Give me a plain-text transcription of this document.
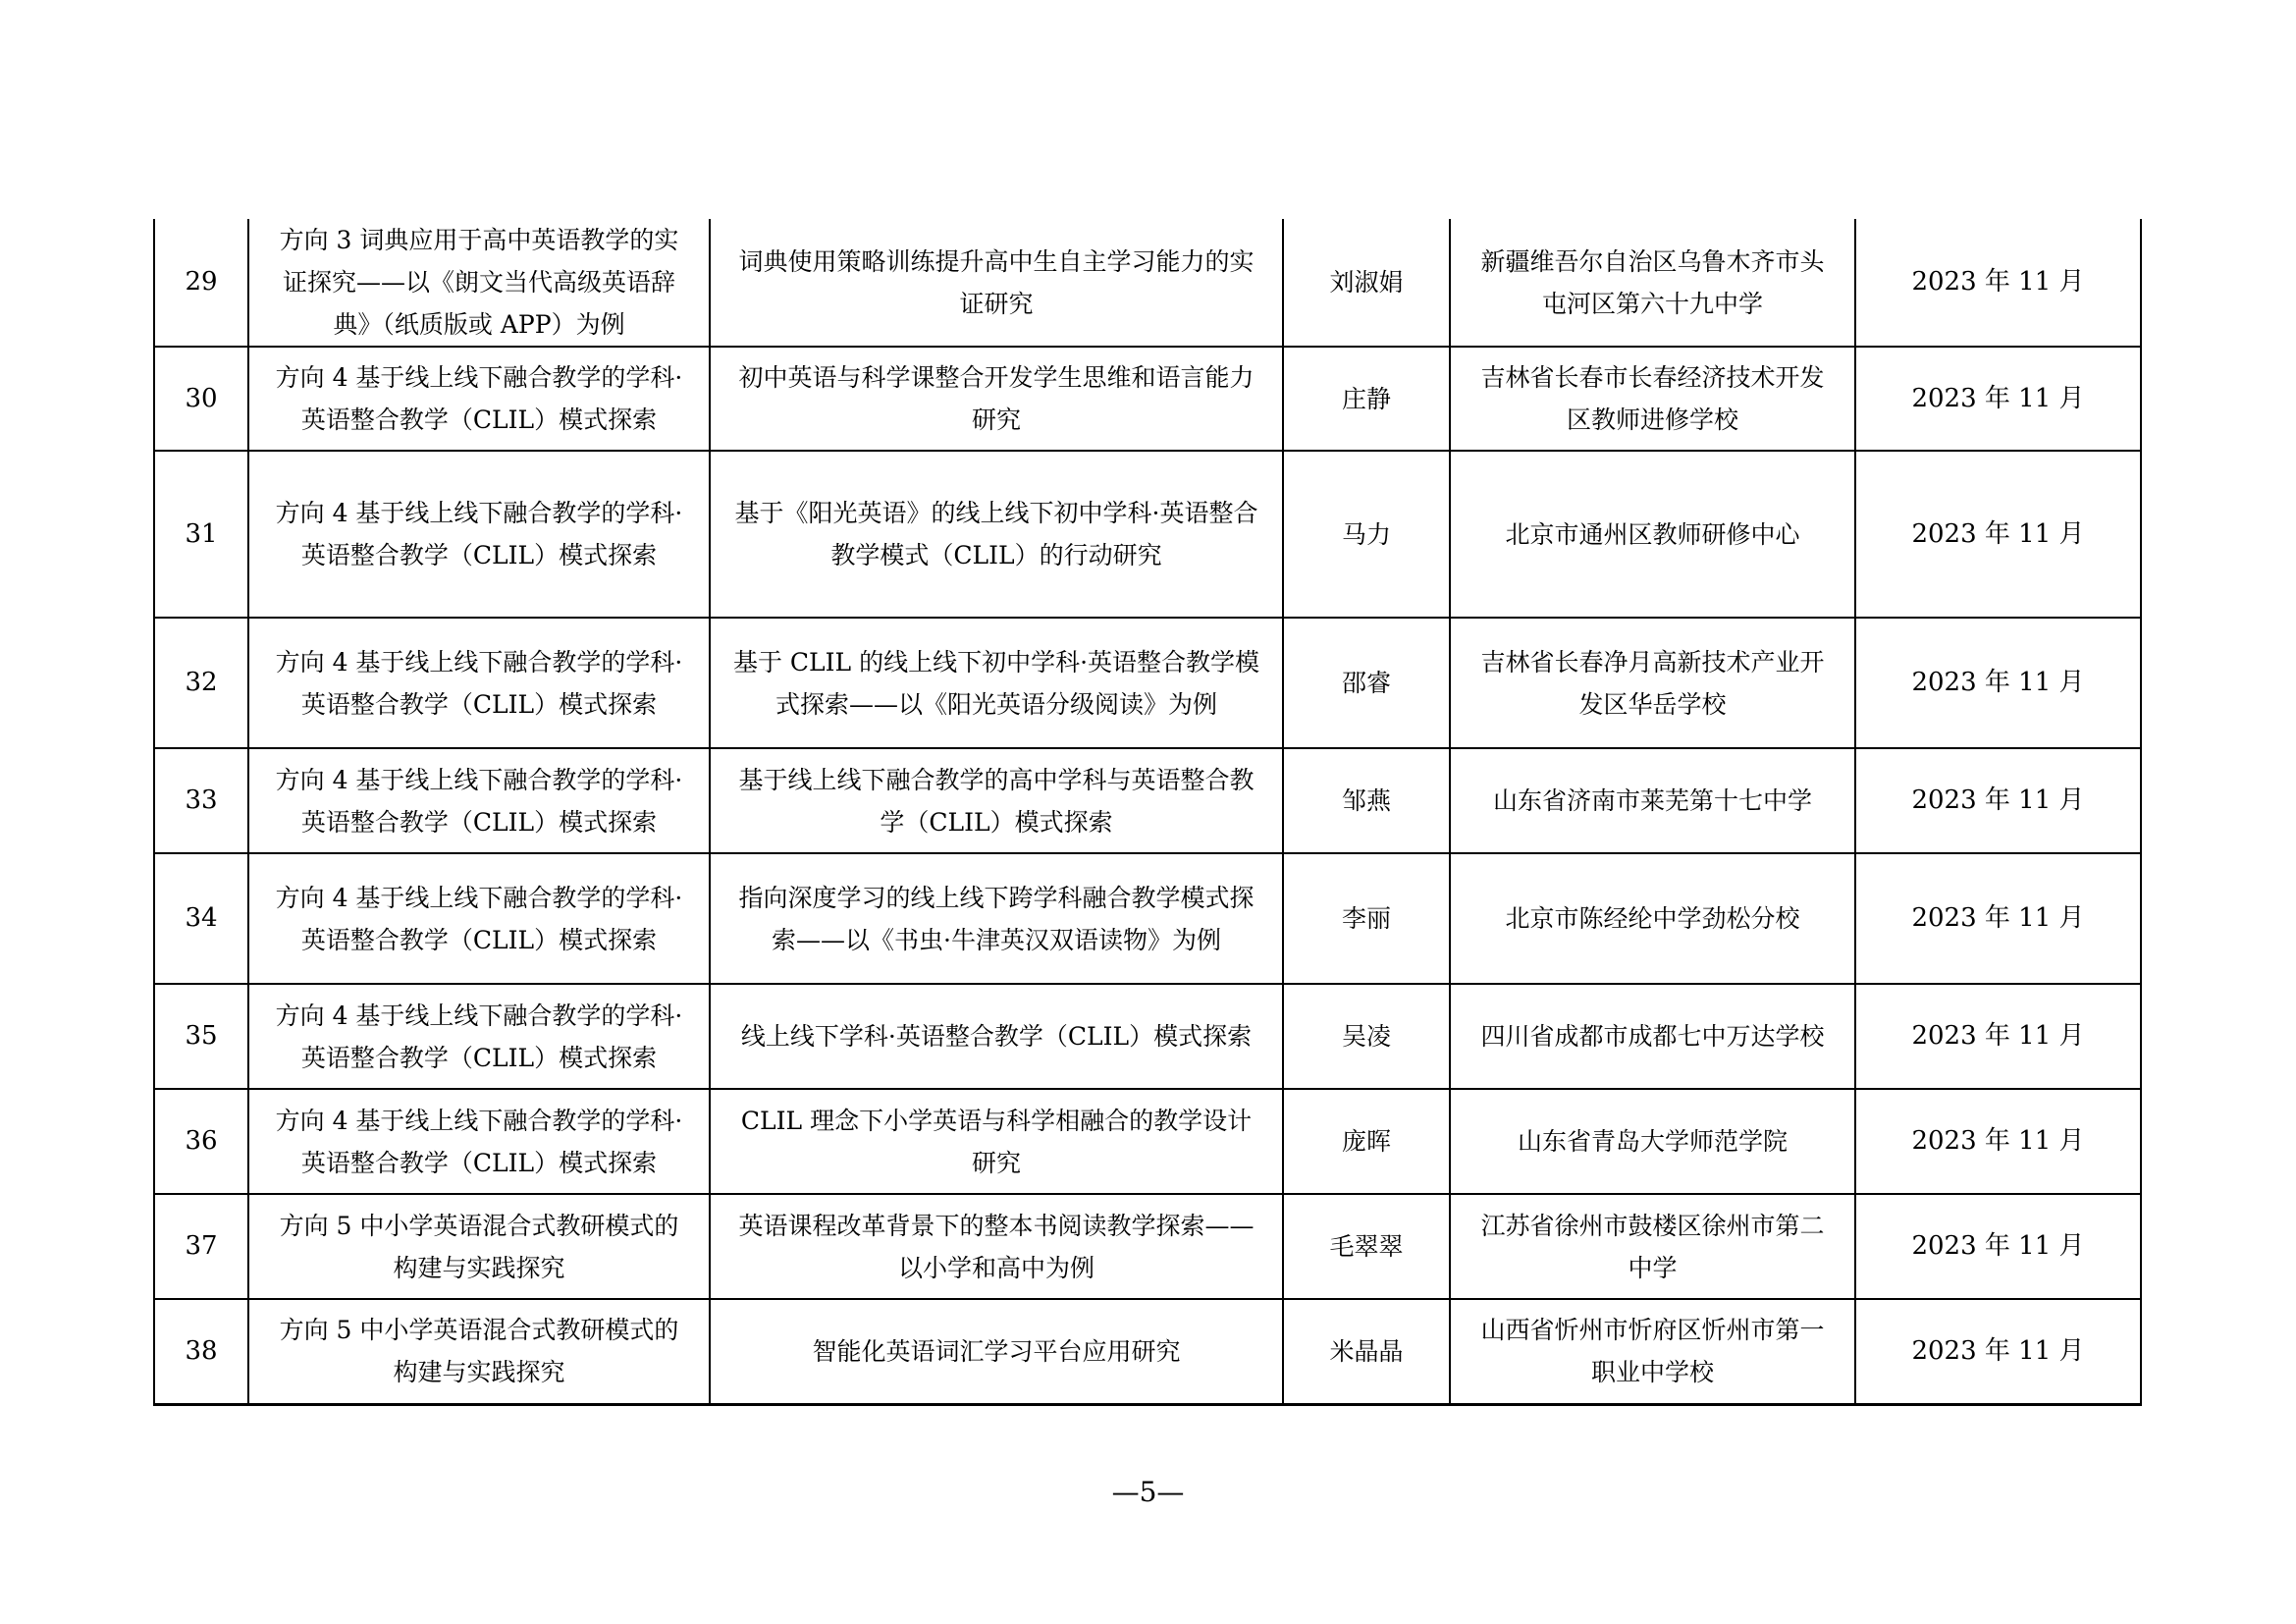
29	方向 3 词典应用于高中英语教学的实证探究——以《朗文当代高级英语辞典》（纸质版或 APP）为例	词典使用策略训练提升高中生自主学习能力的实证研究	刘淑娟	新疆维吾尔自治区乌鲁木齐市头屯河区第六十九中学	2023 年 11 月
30	方向 4 基于线上线下融合教学的学科·英语整合教学（CLIL）模式探索	初中英语与科学课整合开发学生思维和语言能力研究	庄静	吉林省长春市长春经济技术开发区教师进修学校	2023 年 11 月
31	方向 4 基于线上线下融合教学的学科·英语整合教学（CLIL）模式探索	基于《阳光英语》的线上线下初中学科·英语整合教学模式（CLIL）的行动研究	马力	北京市通州区教师研修中心	2023 年 11 月
32	方向 4 基于线上线下融合教学的学科·英语整合教学（CLIL）模式探索	基于 CLIL 的线上线下初中学科·英语整合教学模式探索——以《阳光英语分级阅读》为例	邵睿	吉林省长春净月高新技术产业开发区华岳学校	2023 年 11 月
33	方向 4 基于线上线下融合教学的学科·英语整合教学（CLIL）模式探索	基于线上线下融合教学的高中学科与英语整合教学（CLIL）模式探索	邹燕	山东省济南市莱芜第十七中学	2023 年 11 月
34	方向 4 基于线上线下融合教学的学科·英语整合教学（CLIL）模式探索	指向深度学习的线上线下跨学科融合教学模式探索——以《书虫·牛津英汉双语读物》为例	李丽	北京市陈经纶中学劲松分校	2023 年 11 月
35	方向 4 基于线上线下融合教学的学科·英语整合教学（CLIL）模式探索	线上线下学科·英语整合教学（CLIL）模式探索	吴凌	四川省成都市成都七中万达学校	2023 年 11 月
36	方向 4 基于线上线下融合教学的学科·英语整合教学（CLIL）模式探索	CLIL 理念下小学英语与科学相融合的教学设计研究	庞晖	山东省青岛大学师范学院	2023 年 11 月
37	方向 5 中小学英语混合式教研模式的构建与实践探究	英语课程改革背景下的整本书阅读教学探索——以小学和高中为例	毛翠翠	江苏省徐州市鼓楼区徐州市第二中学	2023 年 11 月
38	方向 5 中小学英语混合式教研模式的构建与实践探究	智能化英语词汇学习平台应用研究	米晶晶	山西省忻州市忻府区忻州市第一职业中学校	2023 年 11 月
—5—
